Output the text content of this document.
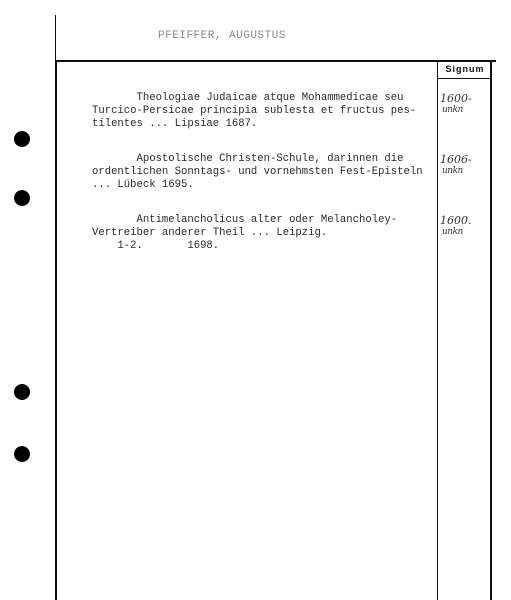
PFEIFFER, AUGUSTUS
Signum
Theologiae Judaicae atque Mohammedicae seu
Turcico-Persicae principia sublesta et fructus pes-
tilentes ... Lipsiae 1687.
1600-
unkn
Apostolische Christen-Schule, darinnen die
ordentlichen Sonntags- und vornehmsten Fest-Episteln
... Lübeck 1695.
1606-
unkn
Antimelancholicus alter oder Melancholey-
Vertreiber anderer Theil ... Leipzig.
1-2.       1698.
1600.
unkn
